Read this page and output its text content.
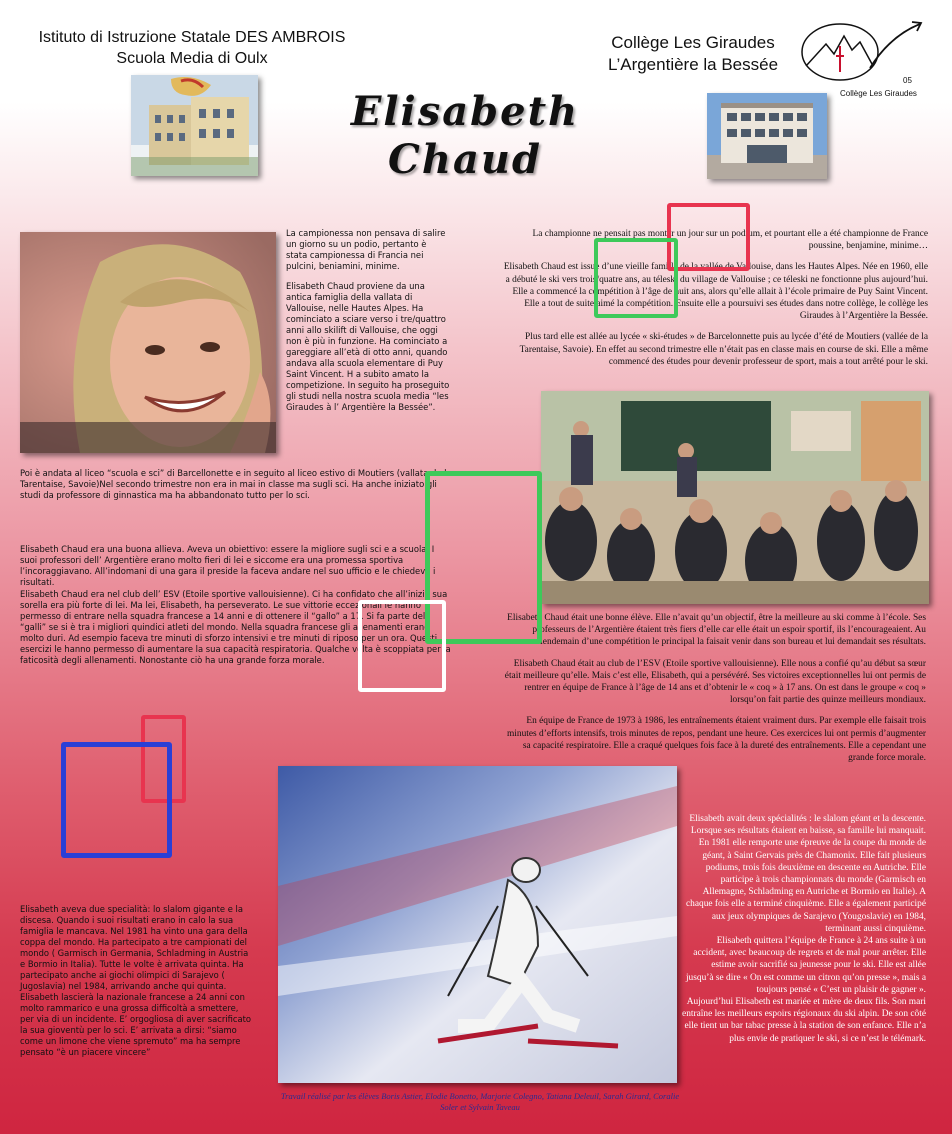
Istituto di Istruzione Statale DES AMBROIS
Scuola Media di Oulx
Collège Les Giraudes
L’Argentière la Bessée
05
Collège Les Giraudes
Elisabeth
Chaud

La campionessa non pensava di salire un giorno su un podio, pertanto è stata campionessa di Francia nei pulcini, beniamini, minime.

Elisabeth Chaud proviene da una antica famiglia della vallata di Vallouise, nelle Hautes Alpes. Ha cominciato a sciare verso i tre/quattro anni allo skilift di Vallouise, che oggi non è più in funzione. Ha cominciato a gareggiare all’età di otto anni, quando andava alla scuola elementare di Puy Saint Vincent. H a subito amato la competizione. In seguito ha proseguito gli studi nella nostra scuola media “les Giraudes à l’ Argentière la Bessée”.

Poi è andata al liceo “scuola e sci” di Barcellonette e in seguito al liceo estivo di Moutiers (vallata de la Tarentaise, Savoie)Nel secondo trimestre non era in mai in classe ma sugli sci. Ha anche iniziato gli studi da professore di ginnastica ma ha abbandonato tutto per lo sci.

Elisabeth Chaud era una buona allieva. Aveva un obiettivo: essere la migliore sugli sci e a scuola. I suoi professori dell’ Argentière erano molto fieri di lei e siccome era una promessa sportiva l’incoraggiavano. All’indomani di una gara il preside la faceva andare nel suo ufficio e le chiedeva i risultati.

Elisabeth Chaud era nel club dell’ ESV (Etoile sportive vallouisienne). Ci ha confidato che all’inizio sua sorella era più forte di lei. Ma lei, Elisabeth, ha perseverato. Le sue vittorie eccezionali le hanno permesso di entrare nella squadra francese a 14 anni e di ottenere il “gallo” a 17. Si fa parte del “galli” se si è tra i migliori quindici atleti del mondo. Nella squadra francese gli allenamenti erano molto duri. Ad esempio faceva tre minuti di sforzo intensivi e tre minuti di riposo per un ora. Questi esercizi le hanno permesso di aumentare la sua capacità respiratoria. Qualche volta è scoppiata per la faticosità degli allenamenti. Nonostante ciò ha una grande forza morale.

Elisabeth aveva due specialità: lo slalom gigante e la discesa. Quando i suoi risultati erano in calo la sua famiglia le mancava. Nel 1981 ha vinto una gara della coppa del mondo. Ha partecipato a tre campionati del mondo ( Garmisch in Germania, Schladming in Austria e Bormio in Italia). Tutte le volte è arrivata quinta. Ha partecipato anche ai giochi olimpici di Sarajevo ( Jugoslavia) nel 1984, arrivando anche qui quinta. Elisabeth lascierà la nazionale francese a 24 anni con molto rammarico e una grossa difficoltà a smettere, per via di un incidente. E’ orgogliosa di aver sacrificato la sua gioventù per lo sci. E’ arrivata a dirsi: “siamo come un limone che viene spremuto” ma ha sempre pensato “è un piacere vincere”

La championne ne pensait pas monter un jour sur un podium, et pourtant elle a été championne de France poussine, benjamine, minime…

Elisabeth Chaud est issue d’une vieille famille de la vallée de Vallouise, dans les Hautes Alpes. Née en 1960, elle a débuté le ski vers trois/quatre ans, au téleski du village de Vallouise ; ce téleski ne fonctionne plus aujourd’hui. Elle a commencé la compétition à l’âge de huit ans, alors qu’elle allait à l’école primaire de Puy Saint Vincent. Elle a tout de suite aimé la compétition. Ensuite elle a poursuivi ses études dans notre collège, le collège les Giraudes à l’Argentière la Bessée.

Plus tard elle est allée au lycée « ski-études » de Barcelonnette puis au lycée d’été de Moutiers (vallée de la Tarentaise, Savoie). En effet au second trimestre elle n’était pas en classe mais en course de ski. Elle a même commencé des études pour devenir professeur de sport, mais a tout arrêté pour le ski.

Elisabeth Chaud était une bonne élève. Elle n’avait qu’un objectif, être la meilleure au ski comme à l’école. Ses professeurs de l’Argentière étaient très fiers d’elle car elle était un espoir sportif, ils l’encourageaient. Au lendemain d’une compétition le principal la faisait venir dans son bureau et lui demandait ses résultats.

Elisabeth Chaud était au club de l’ESV (Etoile sportive vallouisienne). Elle nous a confié qu’au début sa sœur était meilleure qu’elle. Mais c’est elle, Elisabeth, qui a persévéré. Ses victoires exceptionnelles lui ont permis de rentrer en équipe de France à l’âge de 14 ans et d’obtenir le « coq » à 17 ans. On est dans le groupe « coq » lorsqu’on fait partie des quinze meilleurs mondiaux.

En équipe de France de 1973 à 1986, les entraînements étaient vraiment durs. Par exemple elle faisait trois minutes d’efforts intensifs, trois minutes de repos, pendant une heure. Ces exercices lui ont permis d’augmenter sa capacité respiratoire. Elle a craqué quelques fois face à la dureté des entraînements. Elle a cependant une grande force morale.

Elisabeth avait deux spécialités : le slalom géant et la descente. Lorsque ses résultats étaient en baisse, sa famille lui manquait.
En 1981 elle remporte une épreuve de la coupe du monde de géant, à Saint Gervais près de Chamonix. Elle fait plusieurs podiums, trois fois deuxième en descente en Autriche. Elle participe à trois championnats du monde (Garmisch en Allemagne, Schladming en Autriche et Bormio en Italie). A chaque fois elle a terminé cinquième. Elle a également participé aux jeux olympiques de Sarajevo (Yougoslavie) en 1984, terminant aussi cinquième.
Elisabeth quittera l’équipe de France à 24 ans suite à un accident, avec beaucoup de regrets et de mal pour arrêter. Elle estime avoir sacrifié sa jeunesse pour le ski. Elle est allée jusqu’à se dire « On est comme un citron qu’on presse », mais a toujours pensé « C’est un plaisir de gagner ».
Aujourd’hui Elisabeth est mariée et mère de deux fils. Son mari entraîne les meilleurs espoirs régionaux du ski alpin. De son côté elle tient un bar tabac presse à la station de son enfance. Elle n’a plus envie de pratiquer le ski, si ce n’est le télémark.
Travail réalisé par les élèves Boris Astier, Elodie Bonetto, Marjorie Colegno, Tatiana Deleuil, Sarah Girard, Coralie Soler et Sylvain Taveau
